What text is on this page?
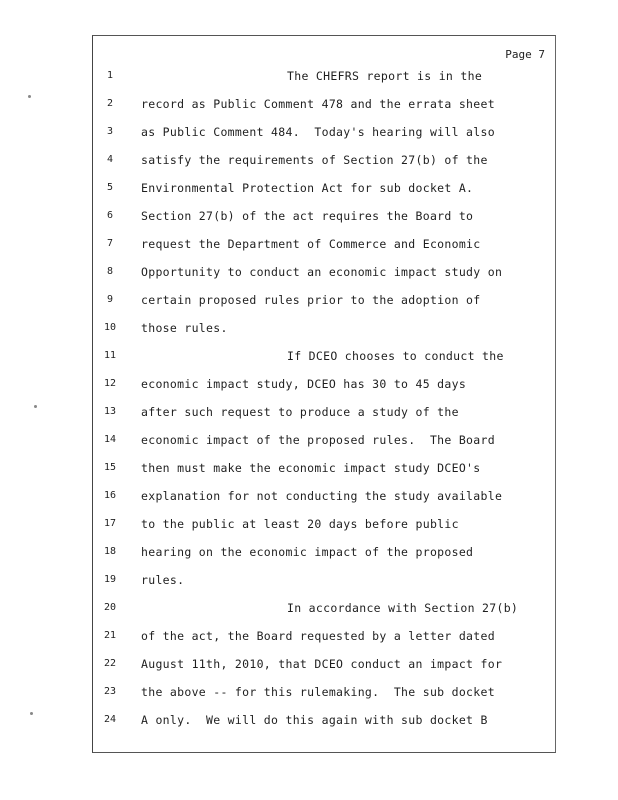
Page 7
1	The CHEFRS report is in the
2	record as Public Comment 478 and the errata sheet
3	as Public Comment 484.  Today's hearing will also
4	satisfy the requirements of Section 27(b) of the
5	Environmental Protection Act for sub docket A.
6	Section 27(b) of the act requires the Board to
7	request the Department of Commerce and Economic
8	Opportunity to conduct an economic impact study on
9	certain proposed rules prior to the adoption of
10	those rules.
11	If DCEO chooses to conduct the
12	economic impact study, DCEO has 30 to 45 days
13	after such request to produce a study of the
14	economic impact of the proposed rules.  The Board
15	then must make the economic impact study DCEO's
16	explanation for not conducting the study available
17	to the public at least 20 days before public
18	hearing on the economic impact of the proposed
19	rules.
20	In accordance with Section 27(b)
21	of the act, the Board requested by a letter dated
22	August 11th, 2010, that DCEO conduct an impact for
23	the above -- for this rulemaking.  The sub docket
24	A only.  We will do this again with sub docket B
